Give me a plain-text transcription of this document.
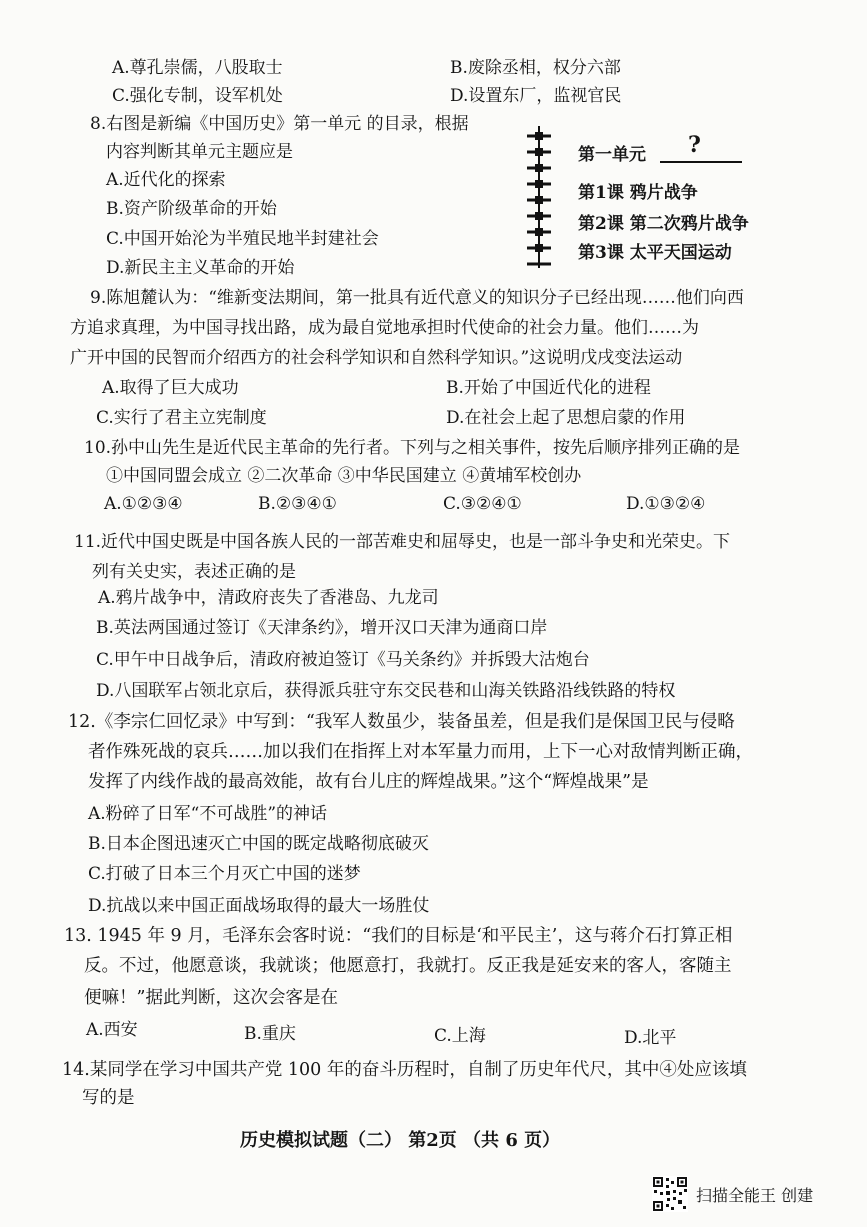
A.尊孔崇儒，八股取士	B.废除丞相，权分六部
C.强化专制，设军机处	D.设置东厂，监视官民
8.右图是新编《中国历史》第一单元 的目录，根据
内容判断其单元主题应是
A.近代化的探索
B.资产阶级革命的开始
C.中国开始沦为半殖民地半封建社会
D.新民主主义革命的开始
第一单元 ?
第1课 鸦片战争
第2课 第二次鸦片战争
第3课 太平天国运动
9.陈旭麓认为：“维新变法期间，第一批具有近代意义的知识分子已经出现……他们向西
方追求真理，为中国寻找出路，成为最自觉地承担时代使命的社会力量。他们……为
广开中国的民智而介绍西方的社会科学知识和自然科学知识。”这说明戊戌变法运动
A.取得了巨大成功	B.开始了中国近代化的进程
C.实行了君主立宪制度	D.在社会上起了思想启蒙的作用
10.孙中山先生是近代民主革命的先行者。下列与之相关事件，按先后顺序排列正确的是
①中国同盟会成立 ②二次革命 ③中华民国建立 ④黄埔军校创办
A.①②③④	B.②③④①	C.③②④①	D.①③②④
11.近代中国史既是中国各族人民的一部苦难史和屈辱史，也是一部斗争史和光荣史。下
列有关史实，表述正确的是
A.鸦片战争中，清政府丧失了香港岛、九龙司
B.英法两国通过签订《天津条约》，增开汉口天津为通商口岸
C.甲午中日战争后，清政府被迫签订《马关条约》并拆毁大沽炮台
D.八国联军占领北京后，获得派兵驻守东交民巷和山海关铁路沿线铁路的特权
12.《李宗仁回忆录》中写到：“我军人数虽少，装备虽差，但是我们是保国卫民与侵略
者作殊死战的哀兵……加以我们在指挥上对本军量力而用，上下一心对敌情判断正确，
发挥了内线作战的最高效能，故有台儿庄的辉煌战果。”这个“辉煌战果”是
A.粉碎了日军“不可战胜”的神话
B.日本企图迅速灭亡中国的既定战略彻底破灭
C.打破了日本三个月灭亡中国的迷梦
D.抗战以来中国正面战场取得的最大一场胜仗
13. 1945 年 9 月，毛泽东会客时说：“我们的目标是‘和平民主’，这与蒋介石打算正相
反。不过，他愿意谈，我就谈；他愿意打，我就打。反正我是延安来的客人，客随主
便嘛！”据此判断，这次会客是在
A.西安	B.重庆	C.上海	D.北平
14.某同学在学习中国共产党 100 年的奋斗历程时，自制了历史年代尺，其中④处应该填
写的是
历史模拟试题（二） 第2页 （共 6 页）
扫描全能王 创建
